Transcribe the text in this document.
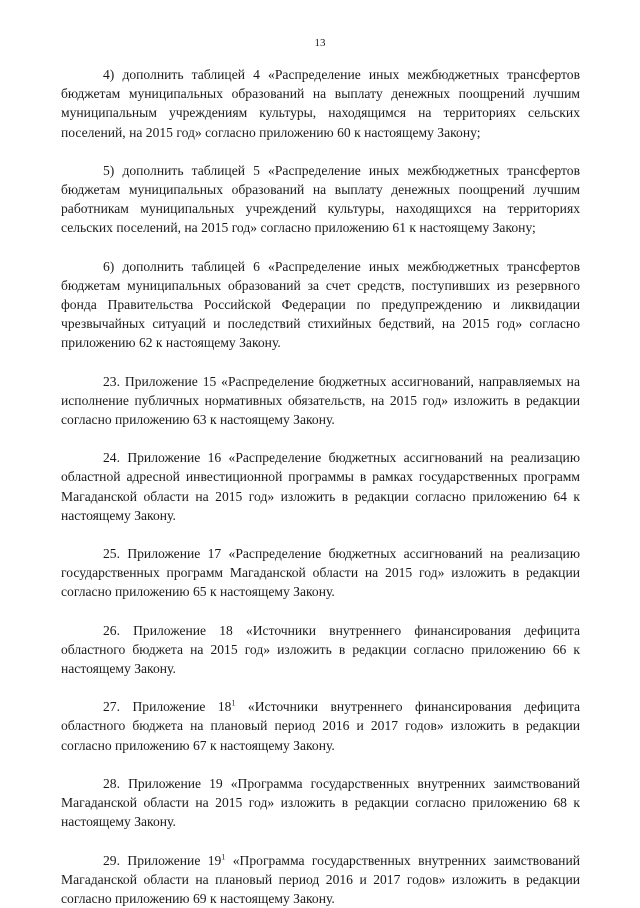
13

4) дополнить таблицей 4 «Распределение иных межбюджетных трансфертов бюджетам муниципальных образований на выплату денежных поощрений лучшим муниципальным учреждениям культуры, находящимся на территориях сельских поселений, на 2015 год» согласно приложению 60 к настоящему Закону;

5) дополнить таблицей 5 «Распределение иных межбюджетных трансфертов бюджетам муниципальных образований на выплату денежных поощрений лучшим работникам муниципальных учреждений культуры, находящихся на территориях сельских поселений, на 2015 год» согласно приложению 61 к настоящему Закону;

6) дополнить таблицей 6 «Распределение иных межбюджетных трансфертов бюджетам муниципальных образований за счет средств, поступивших из резервного фонда Правительства Российской Федерации по предупреждению и ликвидации чрезвычайных ситуаций и последствий стихийных бедствий, на 2015 год» согласно приложению 62 к настоящему Закону.

23. Приложение 15 «Распределение бюджетных ассигнований, направляемых на исполнение публичных нормативных обязательств, на 2015 год» изложить в редакции согласно приложению 63 к настоящему Закону.

24. Приложение 16 «Распределение бюджетных ассигнований на реализацию областной адресной инвестиционной программы в рамках государственных программ Магаданской области на 2015 год» изложить в редакции согласно приложению 64 к настоящему Закону.

25. Приложение 17 «Распределение бюджетных ассигнований на реализацию государственных программ Магаданской области на 2015 год» изложить в редакции согласно приложению 65 к настоящему Закону.

26. Приложение 18 «Источники внутреннего финансирования дефицита областного бюджета на 2015 год» изложить в редакции согласно приложению 66 к настоящему Закону.

27. Приложение 18$^1$ «Источники внутреннего финансирования дефицита областного бюджета на плановый период 2016 и 2017 годов» изложить в редакции согласно приложению 67 к настоящему Закону.

28. Приложение 19 «Программа государственных внутренних заимствований Магаданской области на 2015 год» изложить в редакции согласно приложению 68 к настоящему Закону.

29. Приложение 19$^1$ «Программа государственных внутренних заимствований Магаданской области на плановый период 2016 и 2017 годов» изложить в редакции согласно приложению 69 к настоящему Закону.
